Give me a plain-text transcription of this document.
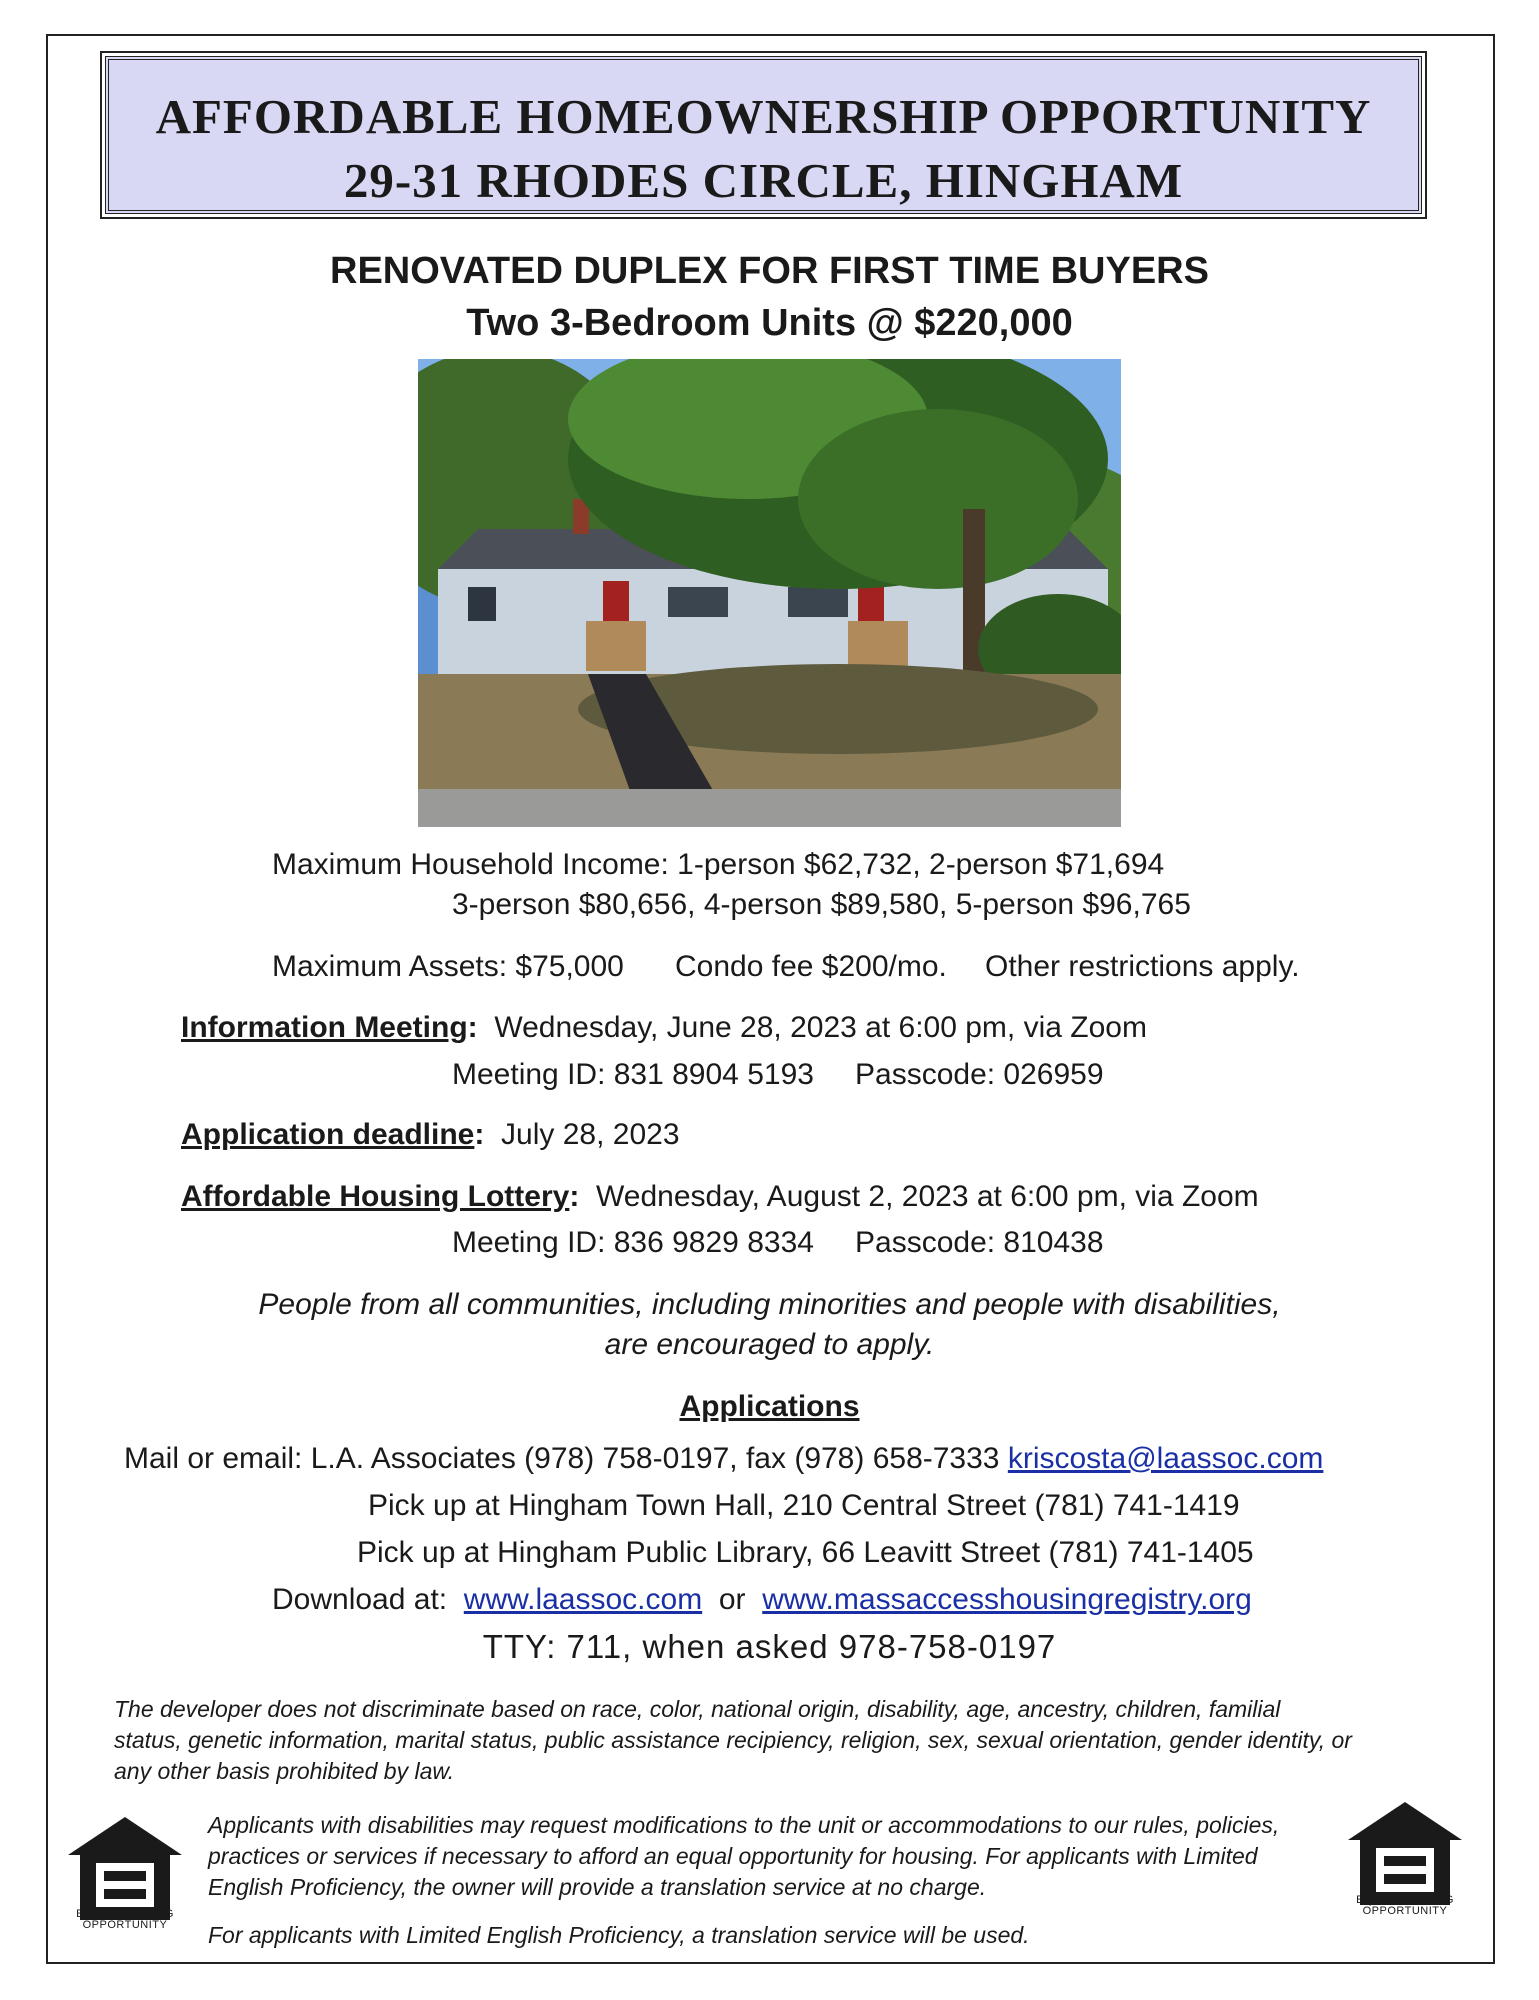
AFFORDABLE HOMEOWNERSHIP OPPORTUNITY
29-31 RHODES CIRCLE, HINGHAM
RENOVATED DUPLEX FOR FIRST TIME BUYERS
Two 3-Bedroom Units @ $220,000
Maximum Household Income: 1-person $62,732, 2-person $71,694
3-person $80,656, 4-person $89,580, 5-person $96,765
Maximum Assets: $75,000 Condo fee $200/mo. Other restrictions apply.
Information Meeting: Wednesday, June 28, 2023 at 6:00 pm, via Zoom
Meeting ID: 831 8904 5193 Passcode: 026959
Application deadline: July 28, 2023
Affordable Housing Lottery: Wednesday, August 2, 2023 at 6:00 pm, via Zoom
Meeting ID: 836 9829 8334 Passcode: 810438
People from all communities, including minorities and people with disabilities,
are encouraged to apply.
Applications
Mail or email: L.A. Associates (978) 758-0197, fax (978) 658-7333 kriscosta@laassoc.com
Pick up at Hingham Town Hall, 210 Central Street (781) 741-1419
Pick up at Hingham Public Library, 66 Leavitt Street (781) 741-1405
Download at: www.laassoc.com or www.massaccesshousingregistry.org
TTY: 711, when asked 978-758-0197
The developer does not discriminate based on race, color, national origin, disability, age, ancestry, children, familial status, genetic information, marital status, public assistance recipiency, religion, sex, sexual orientation, gender identity, or any other basis prohibited by law.
Applicants with disabilities may request modifications to the unit or accommodations to our rules, policies, practices or services if necessary to afford an equal opportunity for housing. For applicants with Limited English Proficiency, the owner will provide a translation service at no charge.
For applicants with Limited English Proficiency, a translation service will be used.
EQUAL HOUSING
OPPORTUNITY
EQUAL HOUSING
OPPORTUNITY
